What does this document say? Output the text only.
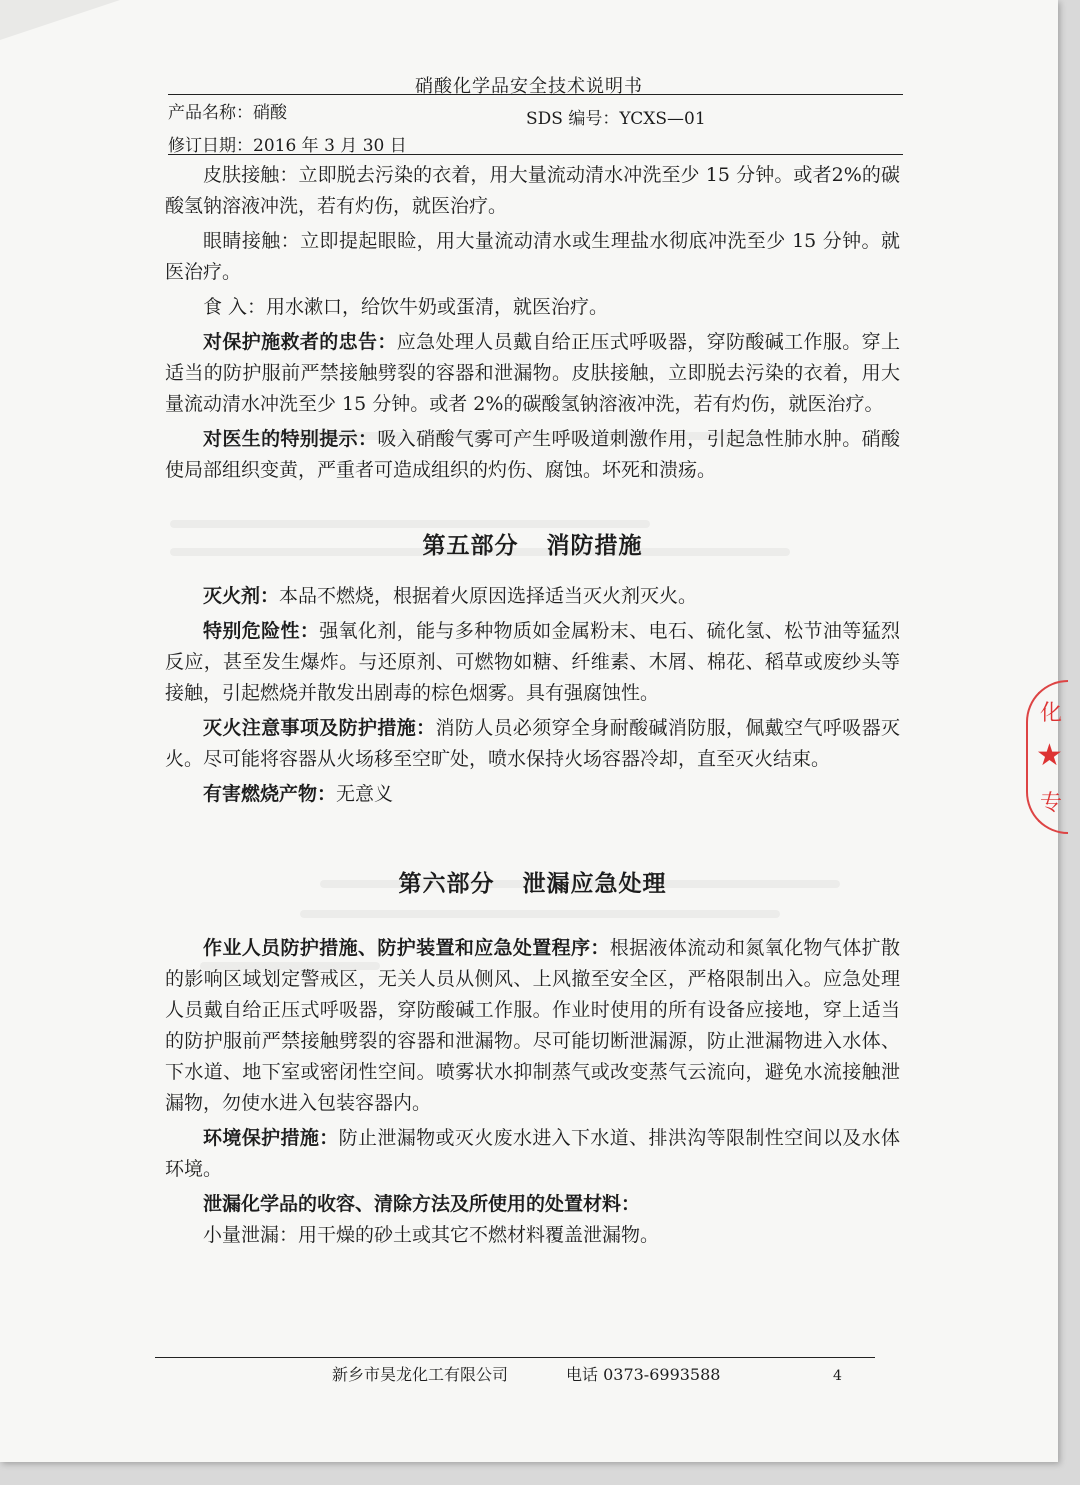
硝酸化学品安全技术说明书
产品名称：硝酸	SDS 编号：YCXS—01
修订日期：2016 年 3 月 30 日

皮肤接触：立即脱去污染的衣着，用大量流动清水冲洗至少 15 分钟。或者2%的碳酸氢钠溶液冲洗，若有灼伤，就医治疗。

眼睛接触：立即提起眼睑，用大量流动清水或生理盐水彻底冲洗至少 15 分钟。就医治疗。

食 入：用水漱口，给饮牛奶或蛋清，就医治疗。

对保护施救者的忠告：应急处理人员戴自给正压式呼吸器，穿防酸碱工作服。穿上适当的防护服前严禁接触劈裂的容器和泄漏物。皮肤接触，立即脱去污染的衣着，用大量流动清水冲洗至少 15 分钟。或者 2%的碳酸氢钠溶液冲洗，若有灼伤，就医治疗。

对医生的特别提示：吸入硝酸气雾可产生呼吸道刺激作用，引起急性肺水肿。硝酸使局部组织变黄，严重者可造成组织的灼伤、腐蚀。坏死和溃疡。

第五部分 消防措施

灭火剂：本品不燃烧，根据着火原因选择适当灭火剂灭火。

特别危险性：强氧化剂，能与多种物质如金属粉末、电石、硫化氢、松节油等猛烈反应，甚至发生爆炸。与还原剂、可燃物如糖、纤维素、木屑、棉花、稻草或废纱头等接触，引起燃烧并散发出剧毒的棕色烟雾。具有强腐蚀性。

灭火注意事项及防护措施：消防人员必须穿全身耐酸碱消防服，佩戴空气呼吸器灭火。尽可能将容器从火场移至空旷处，喷水保持火场容器冷却，直至灭火结束。

有害燃烧产物：无意义

第六部分 泄漏应急处理

作业人员防护措施、防护装置和应急处置程序：根据液体流动和氮氧化物气体扩散的影响区域划定警戒区，无关人员从侧风、上风撤至安全区，严格限制出入。应急处理人员戴自给正压式呼吸器，穿防酸碱工作服。作业时使用的所有设备应接地，穿上适当的防护服前严禁接触劈裂的容器和泄漏物。尽可能切断泄漏源，防止泄漏物进入水体、下水道、地下室或密闭性空间。喷雾状水抑制蒸气或改变蒸气云流向，避免水流接触泄漏物，勿使水进入包装容器内。

环境保护措施：防止泄漏物或灭火废水进入下水道、排洪沟等限制性空间以及水体环境。

泄漏化学品的收容、清除方法及所使用的处置材料：

小量泄漏：用干燥的砂土或其它不燃材料覆盖泄漏物。

新乡市昊龙化工有限公司	电话 0373-6993588	4
化
★
专
